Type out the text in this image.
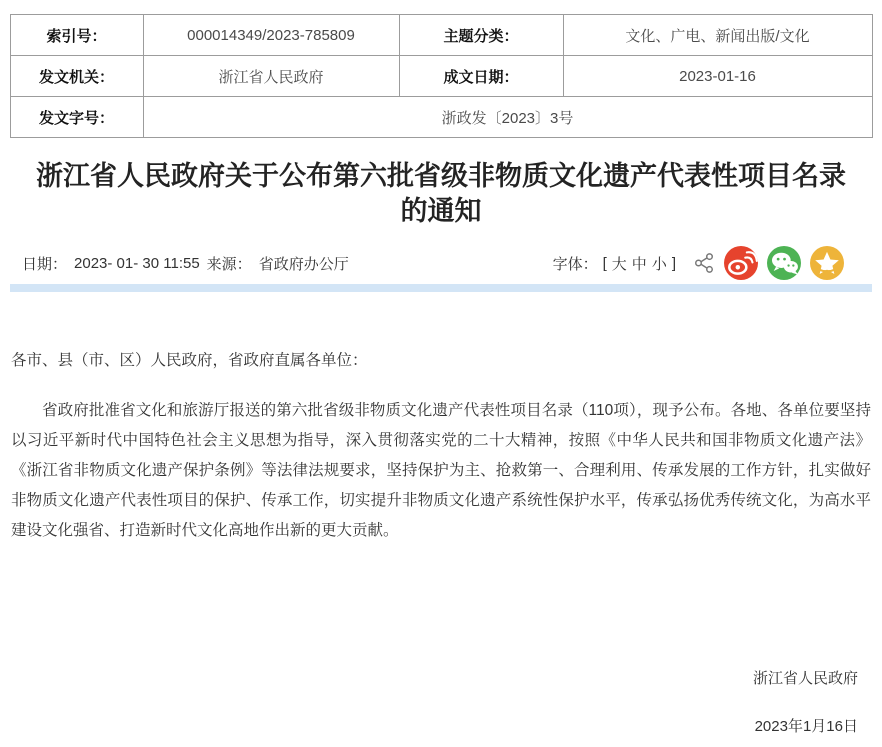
索引号：	000014349/2023-785809	主题分类：	文化、广电、新闻出版/文化
发文机关：	浙江省人民政府	成文日期：	2023-01-16
发文字号：	浙政发〔2023〕3号		
浙江省人民政府关于公布第六批省级非物质文化遗产代表性项目名录的通知
日期： 2023- 01- 30 11:55 来源： 省政府办公厅	字体： [ 大 中 小 ]

各市、县（市、区）人民政府，省政府直属各单位：

省政府批准省文化和旅游厅报送的第六批省级非物质文化遗产代表性项目名录（110项），现予公布。各地、各单位要坚持以习近平新时代中国特色社会主义思想为指导，深入贯彻落实党的二十大精神，按照《中华人民共和国非物质文化遗产法》《浙江省非物质文化遗产保护条例》等法律法规要求，坚持保护为主、抢救第一、合理利用、传承发展的工作方针，扎实做好非物质文化遗产代表性项目的保护、传承工作，切实提升非物质文化遗产系统性保护水平，传承弘扬优秀传统文化，为高水平建设文化强省、打造新时代文化高地作出新的更大贡献。

浙江省人民政府

2023年1月16日
